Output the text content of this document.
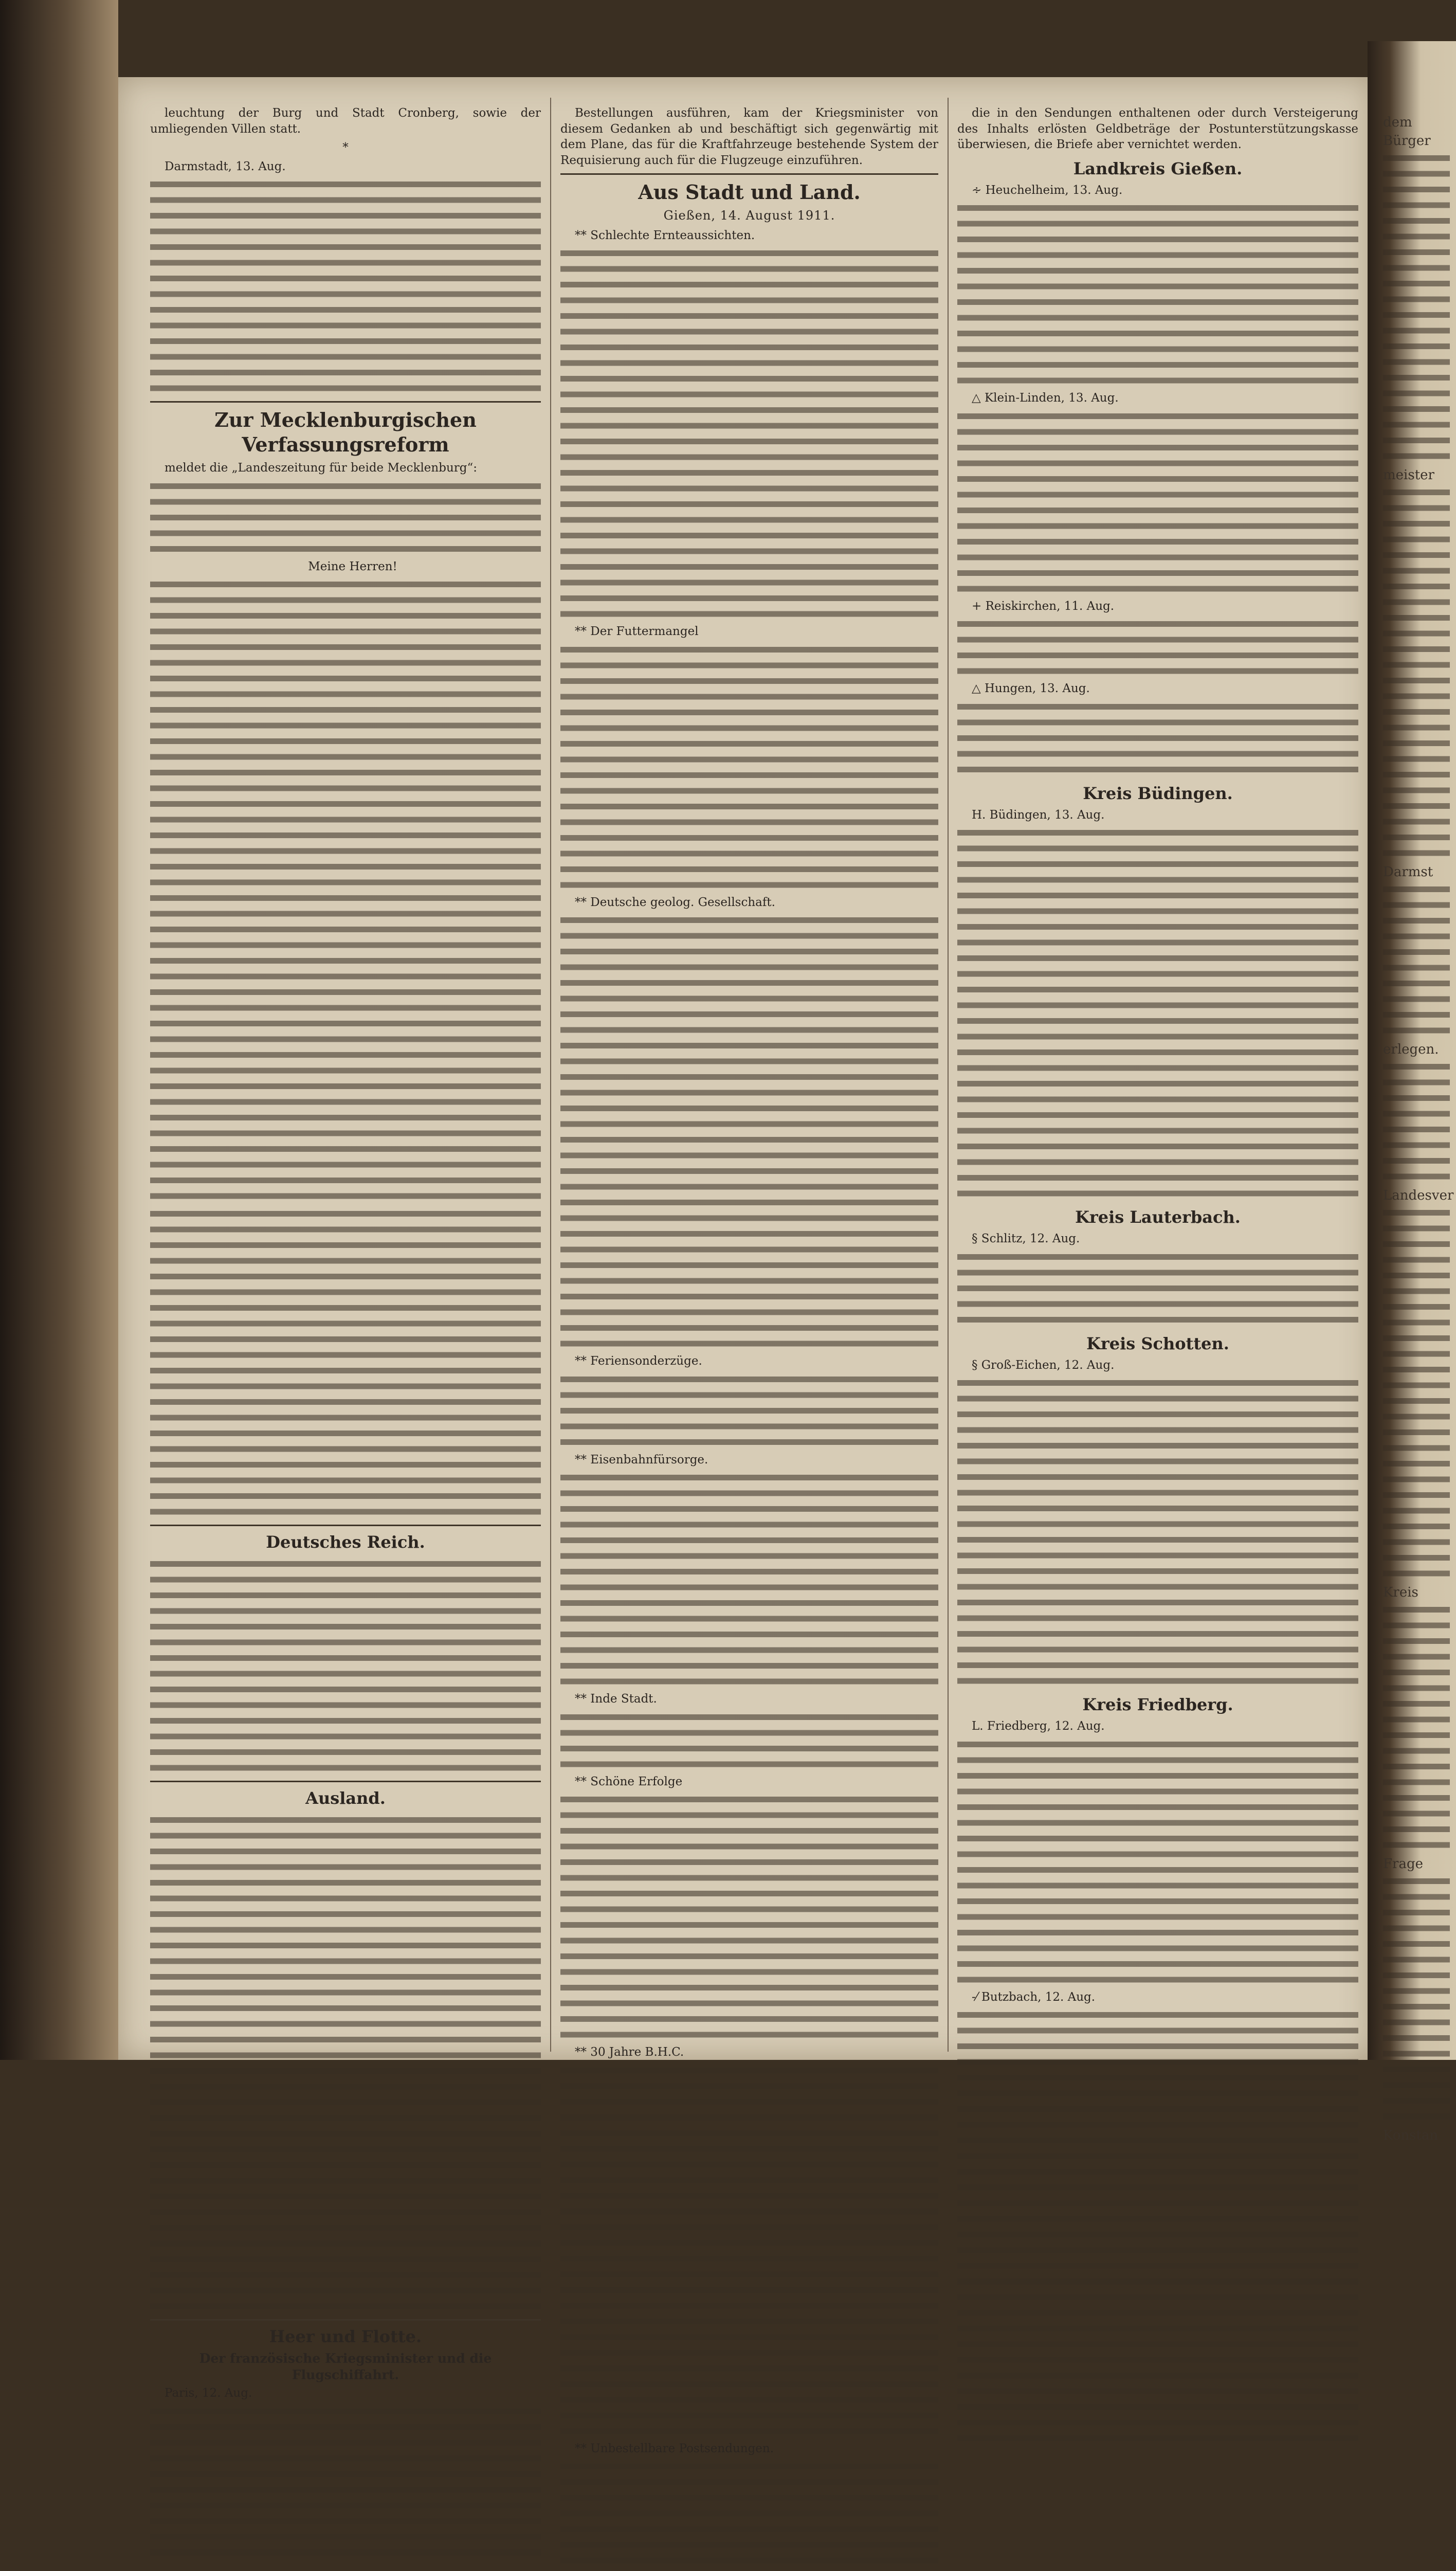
dem Bürger
meister
Darmst
erlegen.
Landesver
Kreis
Frage
Konstan

leuchtung der Burg und Stadt Cronberg, sowie der umliegenden Villen statt.

*

Darmstadt, 13. Aug.

Zur Mecklenburgischen Verfassungsreform

meldet die „Landeszeitung für beide Mecklenburg“:

Meine Herren!

Deutsches Reich.
Ausland.
Heer und Flotte.
Der französische Kriegsminister und die Flugschiffahrt.

Paris, 12. Aug.

Bestellungen ausführen, kam der Kriegsminister von diesem Gedanken ab und beschäftigt sich gegenwärtig mit dem Plane, das für die Kraftfahrzeuge bestehende System der Requisierung auch für die Flugzeuge einzuführen.

Aus Stadt und Land.
Gießen, 14. August 1911.

** Schlechte Ernteaussichten.

** Der Futtermangel

** Deutsche geolog. Gesellschaft.

** Feriensonderzüge.

** Eisenbahnfürsorge.

** Inde Stadt.

** Schöne Erfolge

** 30 Jahre B.H.C.

** Unbestellbare Postsendungen.

die in den Sendungen enthaltenen oder durch Versteigerung des Inhalts erlösten Geldbeträge der Postunterstützungskasse überwiesen, die Briefe aber vernichtet werden.

Landkreis Gießen.

∻ Heuchelheim, 13. Aug.

△ Klein-Linden, 13. Aug.

+ Reiskirchen, 11. Aug.

△ Hungen, 13. Aug.

Kreis Büdingen.

H. Büdingen, 13. Aug.

Kreis Lauterbach.

§ Schlitz, 12. Aug.

Kreis Schotten.

§ Groß-Eichen, 12. Aug.

Kreis Friedberg.

L. Friedberg, 12. Aug.

-⁄ Butzbach, 12. Aug.
